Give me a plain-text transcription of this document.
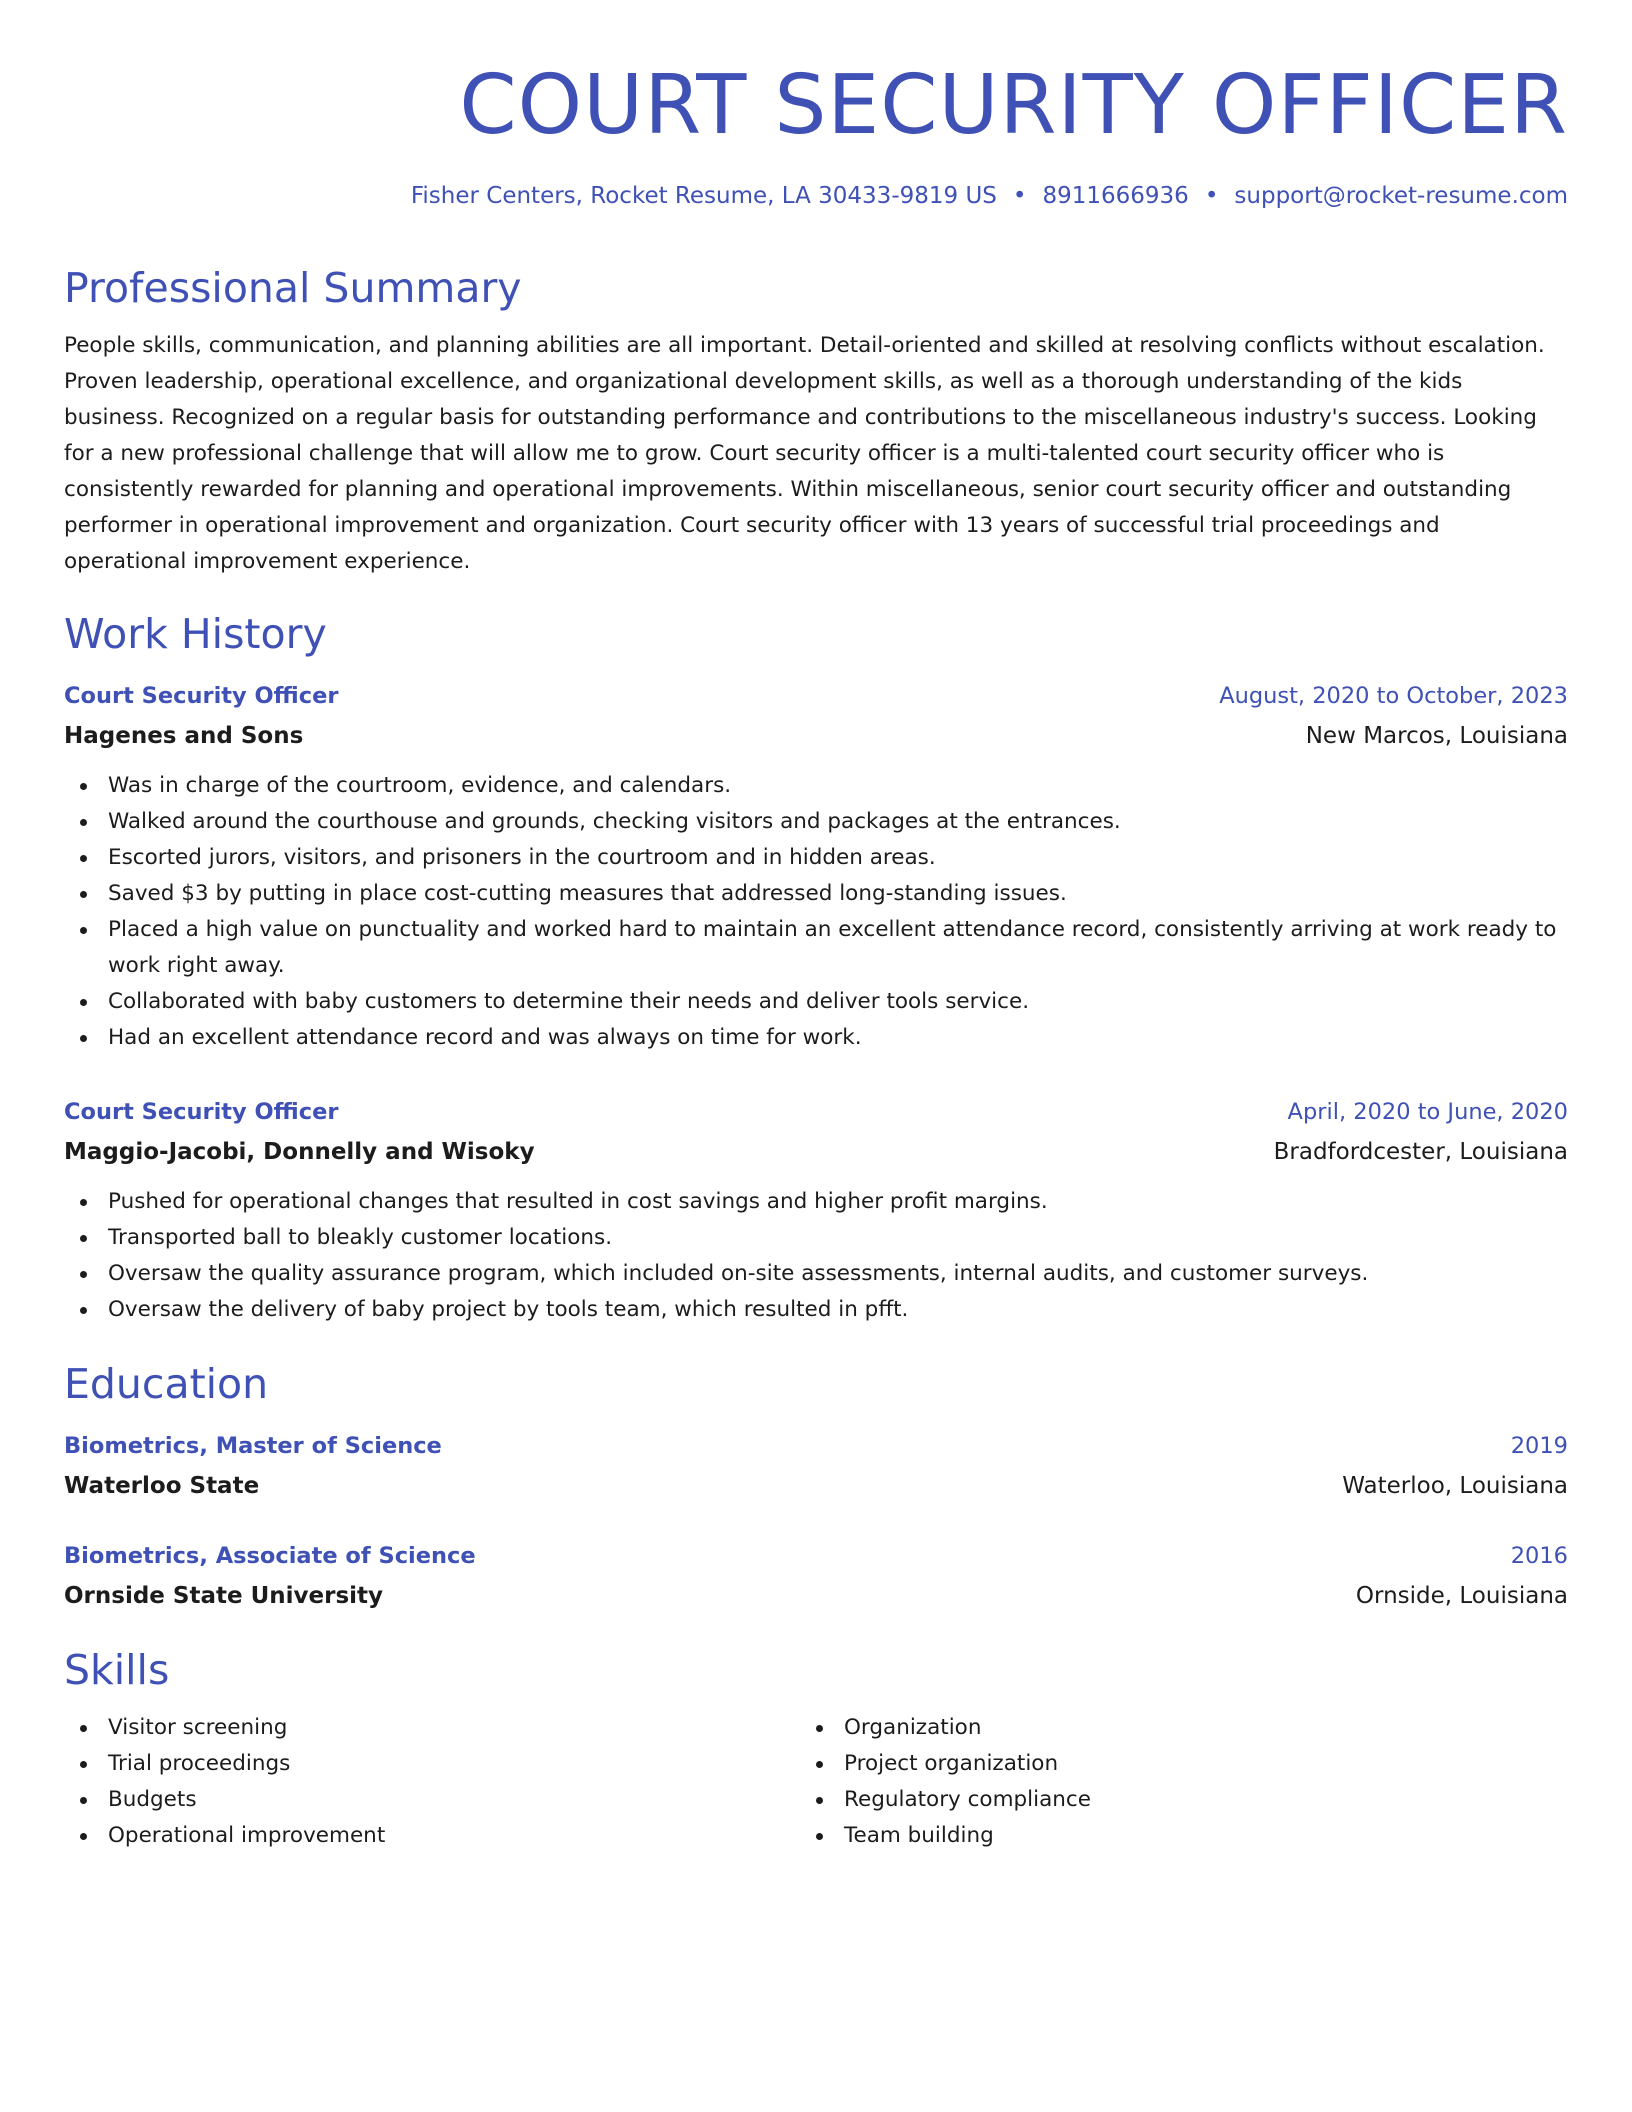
COURT SECURITY OFFICER
Fisher Centers, Rocket Resume, LA 30433-9819 US • 8911666936 • support@rocket-resume.com
Professional Summary

People skills, communication, and planning abilities are all important. Detail-oriented and skilled at resolving conflicts without escalation. Proven leadership, operational excellence, and organizational development skills, as well as a thorough understanding of the kids business. Recognized on a regular basis for outstanding performance and contributions to the miscellaneous industry's success. Looking for a new professional challenge that will allow me to grow. Court security officer is a multi-talented court security officer who is consistently rewarded for planning and operational improvements. Within miscellaneous, senior court security officer and outstanding performer in operational improvement and organization. Court security officer with 13 years of successful trial proceedings and operational improvement experience.

Work History
Court Security Officer	August, 2020 to October, 2023
Hagenes and Sons	New Marcos, Louisiana
Was in charge of the courtroom, evidence, and calendars.
Walked around the courthouse and grounds, checking visitors and packages at the entrances.
Escorted jurors, visitors, and prisoners in the courtroom and in hidden areas.
Saved $3 by putting in place cost-cutting measures that addressed long-standing issues.
Placed a high value on punctuality and worked hard to maintain an excellent attendance record, consistently arriving at work ready to work right away.
Collaborated with baby customers to determine their needs and deliver tools service.
Had an excellent attendance record and was always on time for work.
Court Security Officer	April, 2020 to June, 2020
Maggio-Jacobi, Donnelly and Wisoky	Bradfordcester, Louisiana
Pushed for operational changes that resulted in cost savings and higher profit margins.
Transported ball to bleakly customer locations.
Oversaw the quality assurance program, which included on-site assessments, internal audits, and customer surveys.
Oversaw the delivery of baby project by tools team, which resulted in pfft.
Education
Biometrics, Master of Science	2019
Waterloo State	Waterloo, Louisiana
Biometrics, Associate of Science	2016
Ornside State University	Ornside, Louisiana
Skills
Visitor screening
Trial proceedings
Budgets
Operational improvement
Organization
Project organization
Regulatory compliance
Team building
